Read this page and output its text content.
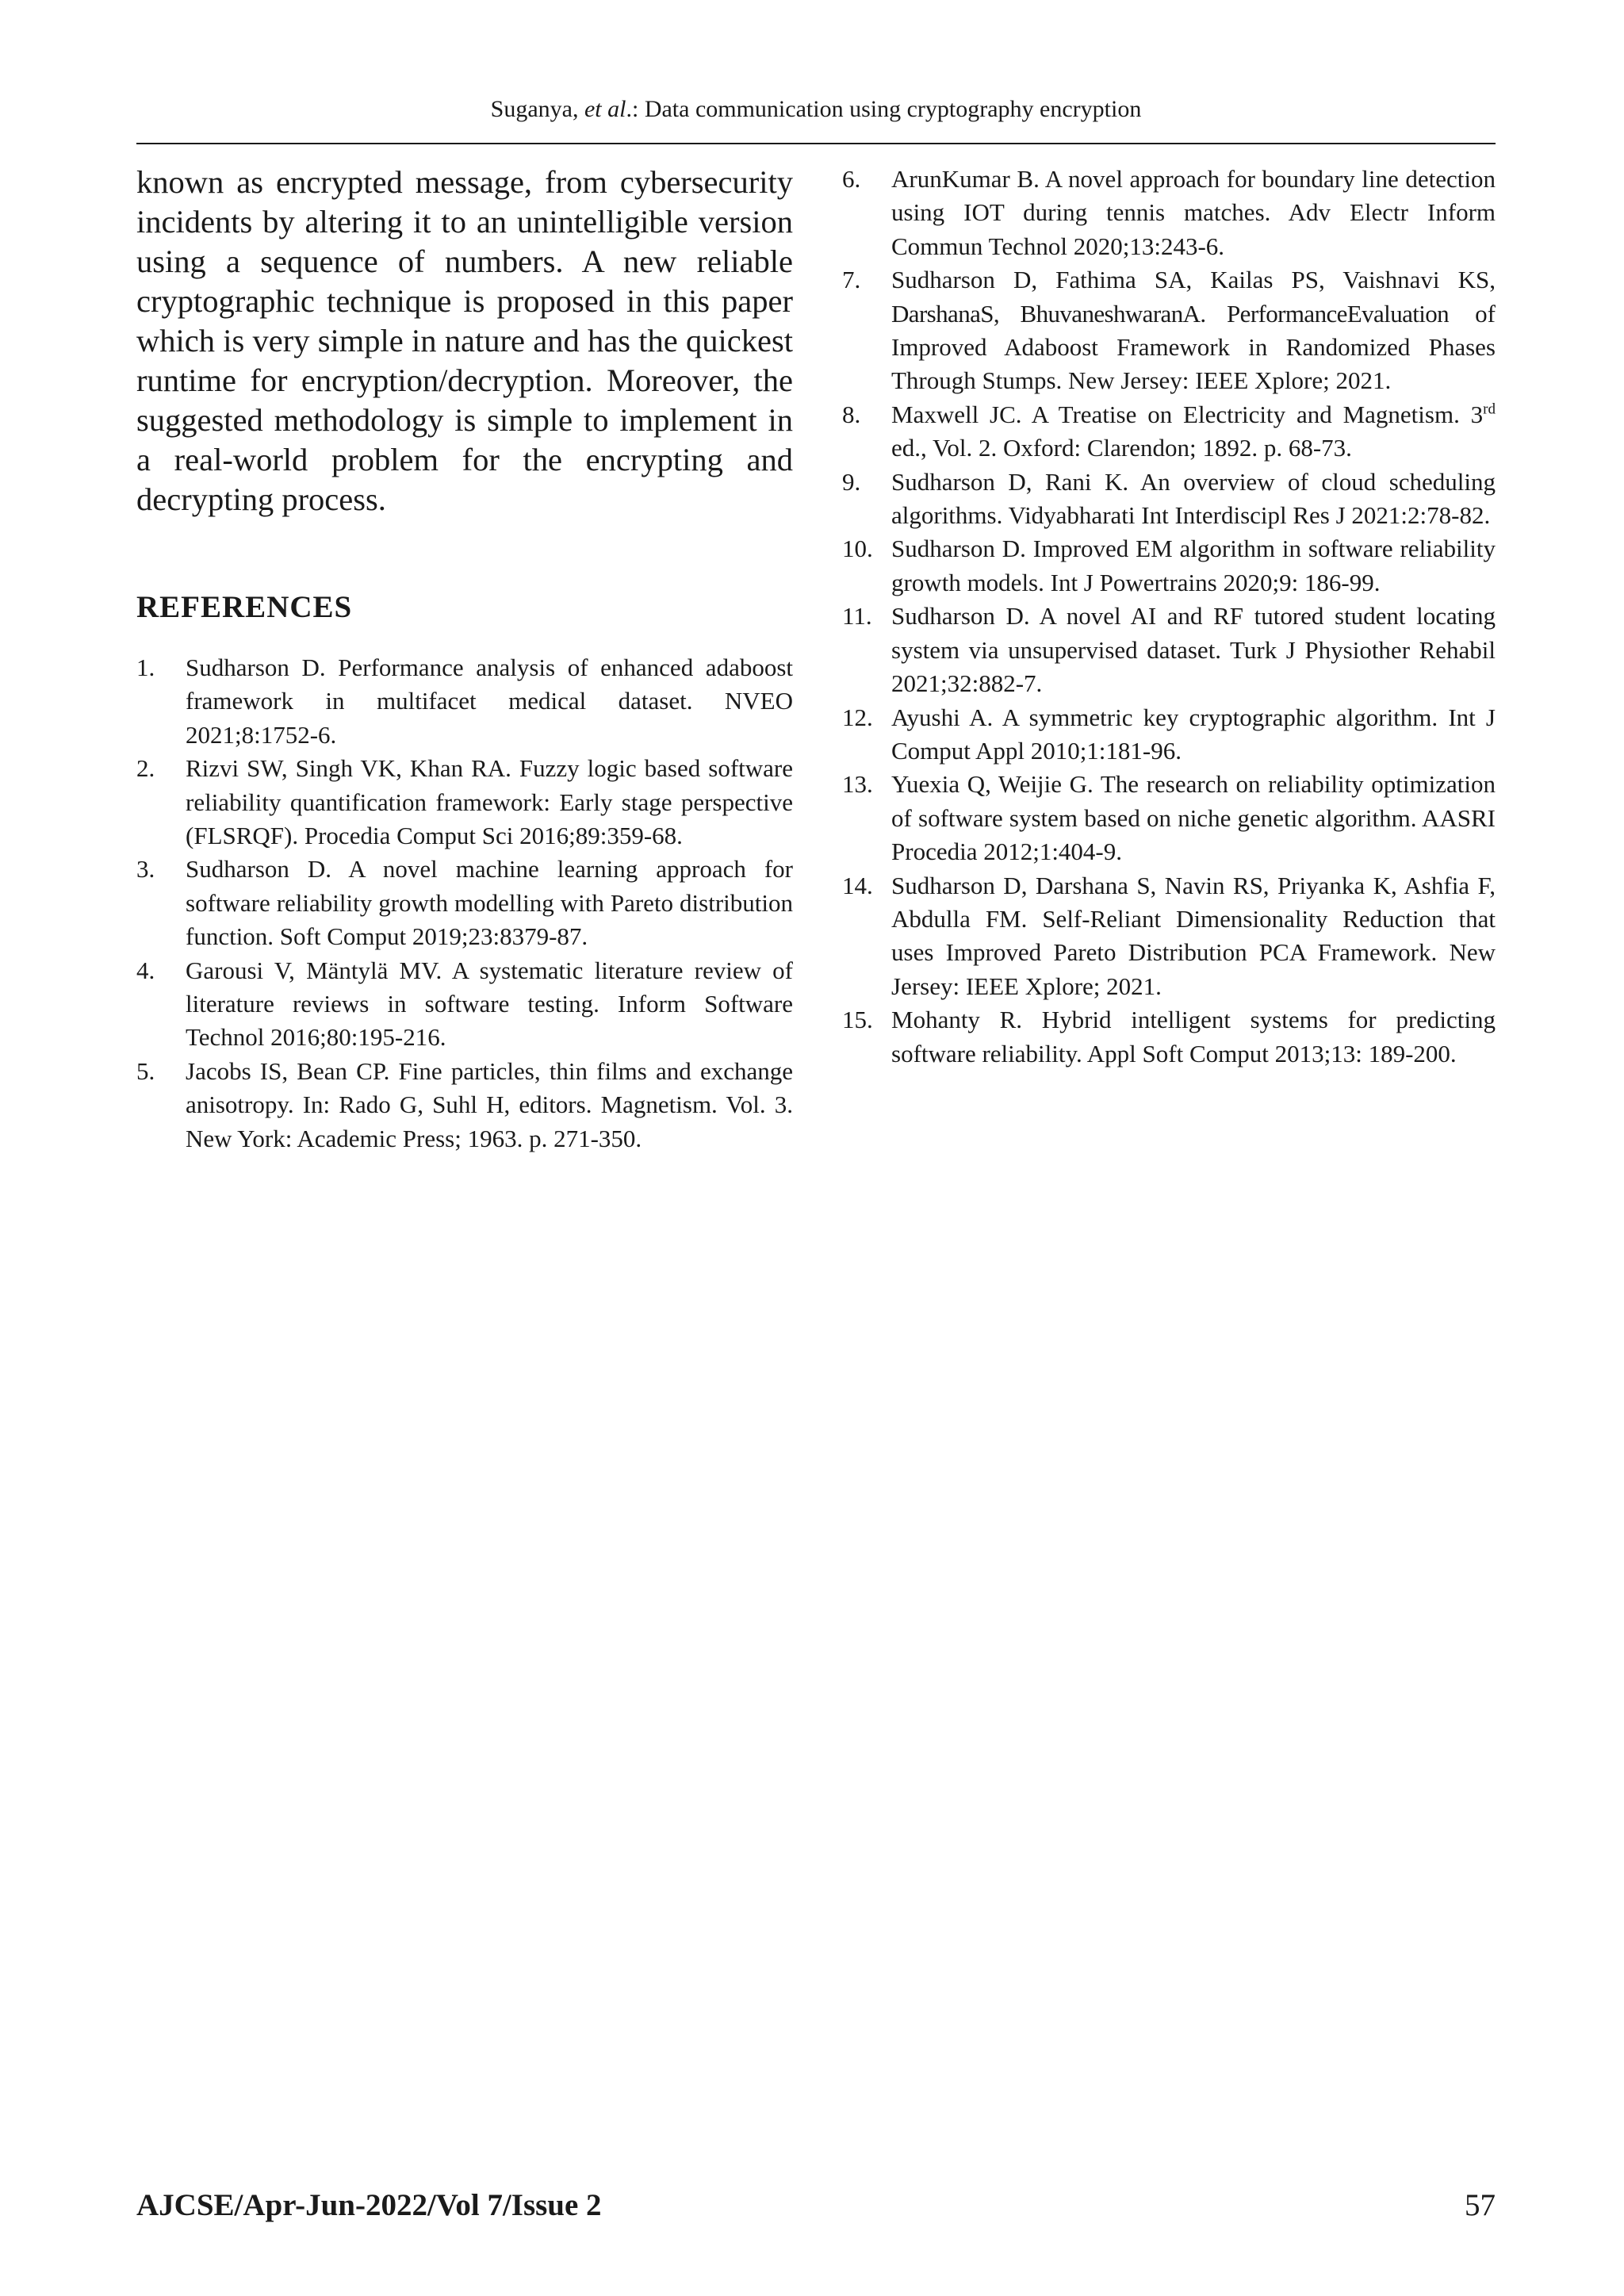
Suganya, et al.: Data communication using cryptography encryption

known as encrypted message, from cybersecurity incidents by altering it to an unintelligible version using a sequence of numbers. A new reliable cryptographic technique is proposed in this paper which is very simple in nature and has the quickest runtime for encryption/decryption. Moreover, the suggested methodology is simple to implement in a real-world problem for the encrypting and decrypting process.

REFERENCES
1.	Sudharson D. Performance analysis of enhanced adaboost framework in multifacet medical dataset. NVEO 2021;8:1752-6.
2.	Rizvi SW, Singh VK, Khan RA. Fuzzy logic based software reliability quantification framework: Early stage perspective (FLSRQF). Procedia Comput Sci 2016;89:359-68.
3.	Sudharson D. A novel machine learning approach for software reliability growth modelling with Pareto distribution function. Soft Comput 2019;23:8379-87.
4.	Garousi V, Mäntylä MV. A systematic literature review of literature reviews in software testing. Inform Software Technol 2016;80:195-216.
5.	Jacobs IS, Bean CP. Fine particles, thin films and exchange anisotropy. In: Rado G, Suhl H, editors. Magnetism. Vol. 3. New York: Academic Press; 1963. p. 271-350.
6.	ArunKumar B. A novel approach for boundary line detection using IOT during tennis matches. Adv Electr Inform Commun Technol 2020;13:243-6.
7.	Sudharson D, Fathima SA, Kailas PS, Vaishnavi KS, DarshanaS, BhuvaneshwaranA. PerformanceEvaluation of Improved Adaboost Framework in Randomized Phases Through Stumps. New Jersey: IEEE Xplore; 2021.
8.	Maxwell JC. A Treatise on Electricity and Magnetism. 3rd ed., Vol. 2. Oxford: Clarendon; 1892. p. 68-73.
9.	Sudharson D, Rani K. An overview of cloud scheduling algorithms. Vidyabharati Int Interdiscipl Res J 2021:2:78-82.
10. Sudharson D. Improved EM algorithm in software reliability growth models. Int J Powertrains 2020;9: 186-99.
11. Sudharson D. A novel AI and RF tutored student locating system via unsupervised dataset. Turk J Physiother Rehabil 2021;32:882-7.
12. Ayushi A. A symmetric key cryptographic algorithm. Int J Comput Appl 2010;1:181-96.
13. Yuexia Q, Weijie G. The research on reliability optimization of software system based on niche genetic algorithm. AASRI Procedia 2012;1:404-9.
14. Sudharson D, Darshana S, Navin RS, Priyanka K, Ashfia F, Abdulla FM. Self-Reliant Dimensionality Reduction that uses Improved Pareto Distribution PCA Framework. New Jersey: IEEE Xplore; 2021.
15. Mohanty R. Hybrid intelligent systems for predicting software reliability. Appl Soft Comput 2013;13: 189-200.
AJCSE/Apr-Jun-2022/Vol 7/Issue 2	57
